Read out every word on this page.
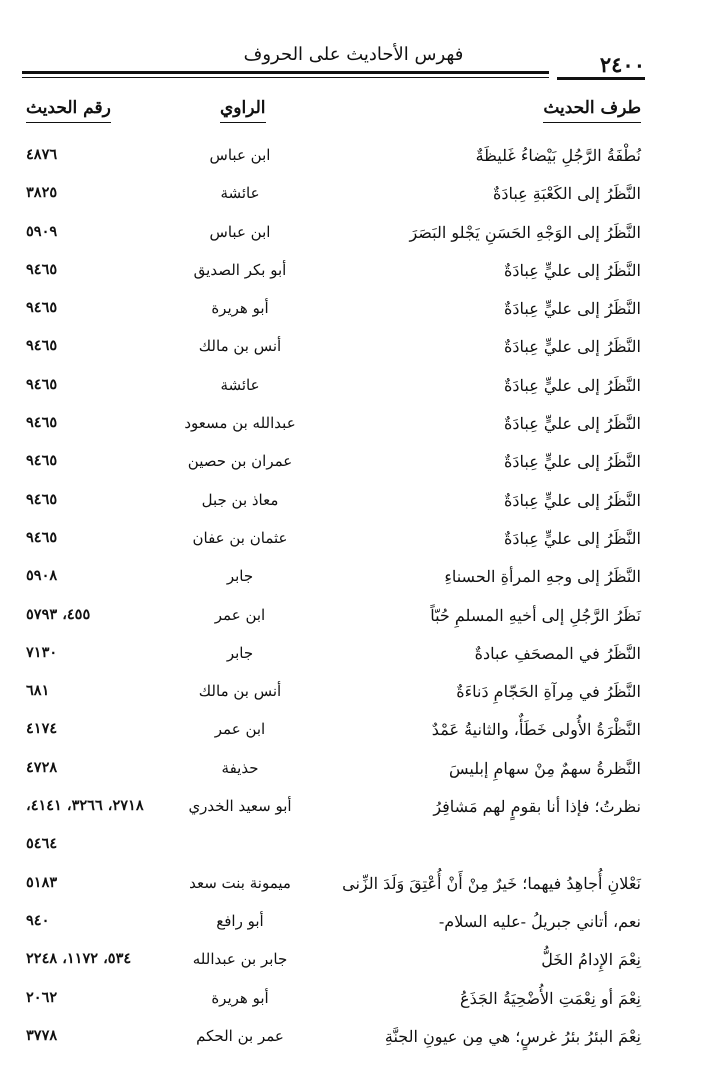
٢٤٠٠
فهرس الأحاديث على الحروف
طرف الحديث
الراوي
رقم الحديث
نُطْفَةُ الرَّجُلِ بَيْضاءُ غَليظَةٌ
ابن عباس
٤٨٧٦
النَّظَرُ إلى الكَعْبَةِ عِبادَةٌ
عائشة
٣٨٢٥
النَّظَرُ إلى الوَجْهِ الحَسَنِ يَجْلو البَصَرَ
ابن عباس
٥٩٠٩
النَّظَرُ إلى عليٍّ عِبادَةٌ
أبو بكر الصديق
٩٤٦٥
النَّظَرُ إلى عليٍّ عِبادَةٌ
أبو هريرة
٩٤٦٥
النَّظَرُ إلى عليٍّ عِبادَةٌ
أنس بن مالك
٩٤٦٥
النَّظَرُ إلى عليٍّ عِبادَةٌ
عائشة
٩٤٦٥
النَّظَرُ إلى عليٍّ عِبادَةٌ
عبدالله بن مسعود
٩٤٦٥
النَّظَرُ إلى عليٍّ عِبادَةٌ
عمران بن حصين
٩٤٦٥
النَّظَرُ إلى عليٍّ عِبادَةٌ
معاذ بن جبل
٩٤٦٥
النَّظَرُ إلى عليٍّ عِبادَةٌ
عثمان بن عفان
٩٤٦٥
النَّظَرُ إلى وجهِ المرأةِ الحسناءِ
جابر
٥٩٠٨
نَظَرُ الرَّجُلِ إلى أخيهِ المسلمِ حُبّاً
ابن عمر
٤٥٥، ٥٧٩٣
النَّظَرُ في المصحَفِ عبادةٌ
جابر
٧١٣٠
النَّظَرُ في مِرآةِ الحَجّامِ دَناءَةٌ
أنس بن مالك
٦٨١
النَّظْرَةُ الأُولى خَطَأٌ، والثانيةُ عَمْدٌ
ابن عمر
٤١٧٤
النَّظرةُ سهمٌ مِنْ سهامِ إبليسَ
حذيفة
٤٧٢٨
نظرتُ؛ فإذا أنا بقومٍ لهم مَشافِرُ
أبو سعيد الخدري
٢٧١٨، ٣٢٦٦، ٤١٤١،
٥٤٦٤
نَعْلانِ أُجاهِدُ فيهما؛ خَيرٌ مِنْ أَنْ أُعْتِقَ وَلَدَ الزِّنى
ميمونة بنت سعد
٥١٨٣
نعم، أتاني جبريلُ -عليه السلام-
أبو رافع
٩٤٠
نِعْمَ الإِدامُ الخَلُّ
جابر بن عبدالله
٥٣٤، ١١٧٢، ٢٢٤٨
نِعْمَ أو نِعْمَتِ الأُضْحِيَةُ الجَذَعُ
أبو هريرة
٢٠٦٢
نِعْمَ البئرُ بئرُ غرسٍ؛ هي مِن عيونِ الجنَّةِ
عمر بن الحكم
٣٧٧٨
